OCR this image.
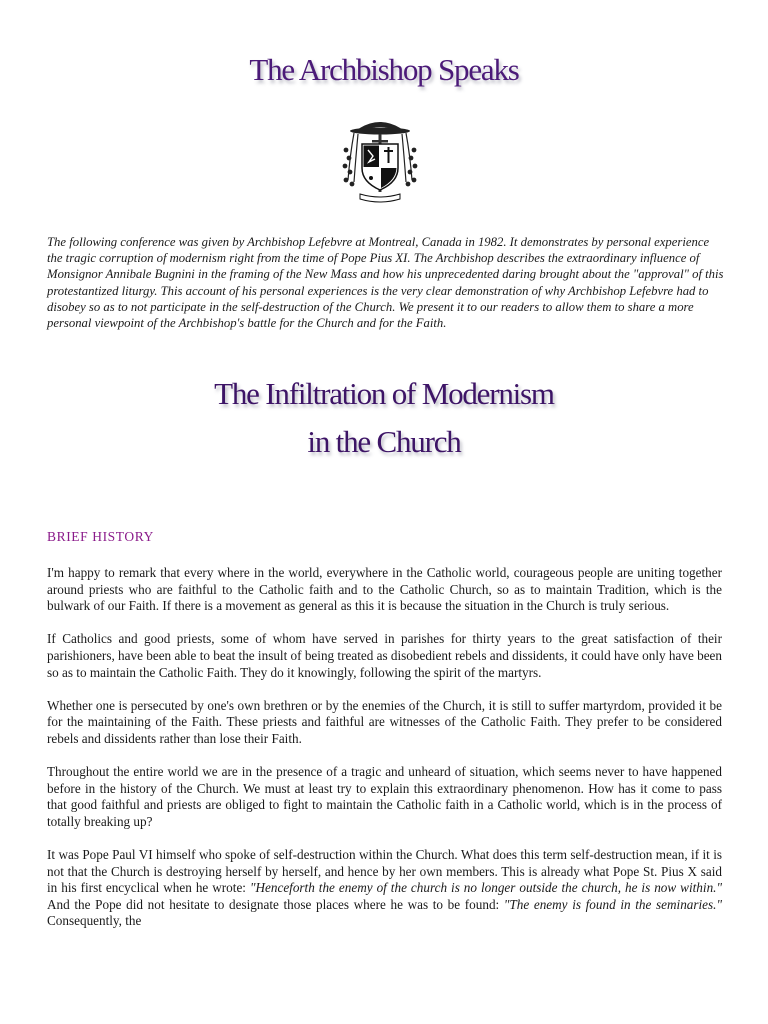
The Archbishop Speaks
The following conference was given by Archbishop Lefebvre at Montreal, Canada in 1982. It demonstrates by personal experience the tragic corruption of modernism right from the time of Pope Pius XI. The Archbishop describes the extraordinary influence of Monsignor Annibale Bugnini in the framing of the New Mass and how his unprecedented daring brought about the "approval" of this protestantized liturgy. This account of his personal experiences is the very clear demonstration of why Archbishop Lefebvre had to disobey so as to not participate in the self-destruction of the Church. We present it to our readers to allow them to share a more personal viewpoint of the Archbishop's battle for the Church and for the Faith.
The Infiltration of Modernism
in the Church
BRIEF HISTORY

I'm happy to remark that every where in the world, everywhere in the Catholic world, courageous people are uniting together around priests who are faithful to the Catholic faith and to the Catholic Church, so as to maintain Tradition, which is the bulwark of our Faith. If there is a movement as general as this it is because the situation in the Church is truly serious.

If Catholics and good priests, some of whom have served in parishes for thirty years to the great satisfaction of their parishioners, have been able to beat the insult of being treated as disobedient rebels and dissidents, it could have only have been so as to maintain the Catholic Faith. They do it knowingly, following the spirit of the martyrs.

Whether one is persecuted by one's own brethren or by the enemies of the Church, it is still to suffer martyrdom, provided it be for the maintaining of the Faith. These priests and faithful are witnesses of the Catholic Faith. They prefer to be considered rebels and dissidents rather than lose their Faith.

Throughout the entire world we are in the presence of a tragic and unheard of situation, which seems never to have happened before in the history of the Church. We must at least try to explain this extraordinary phenomenon. How has it come to pass that good faithful and priests are obliged to fight to maintain the Catholic faith in a Catholic world, which is in the process of totally breaking up?

It was Pope Paul VI himself who spoke of self-destruction within the Church. What does this term self-destruction mean, if it is not that the Church is destroying herself by herself, and hence by her own members. This is already what Pope St. Pius X said in his first encyclical when he wrote: "Henceforth the enemy of the church is no longer outside the church, he is now within." And the Pope did not hesitate to designate those places where he was to be found: "The enemy is found in the seminaries." Consequently, the
